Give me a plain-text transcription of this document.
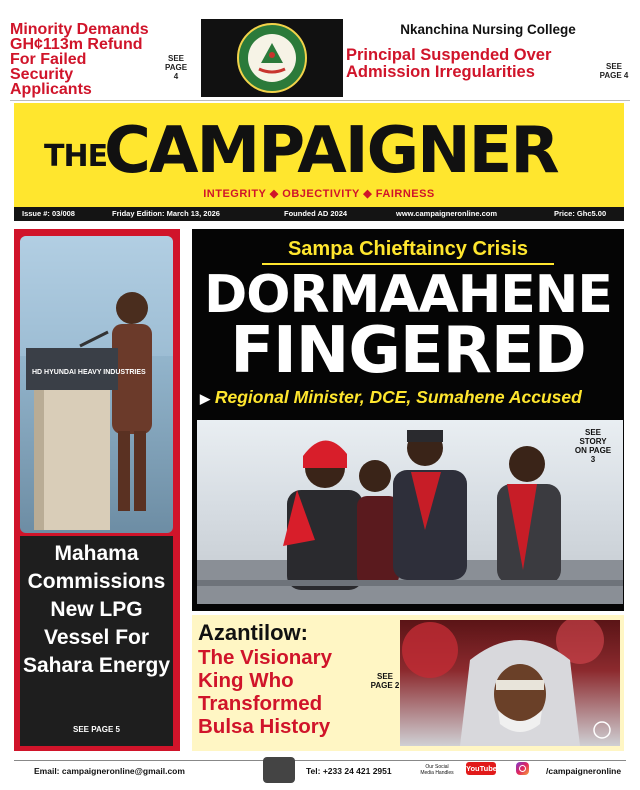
Minority Demands GH¢113m Refund For Failed Security Applicants
SEE PAGE 4
Nkanchina Nursing College
Principal Suspended Over Admission Irregularities	SEE PAGE 4
THE
CAMPAIGNER
INTEGRITY ◆ OBJECTIVITY ◆ FAIRNESS
Issue #: 03/008	Friday Edition: March 13, 2026	Founded AD 2024	www.campaigneronline.com	Price: Ghc5.00
HD HYUNDAI HEAVY INDUSTRIES
Mahama Commissions New LPG Vessel For Sahara Energy
SEE PAGE 5
Sampa Chieftaincy Crisis
DORMAAHENE
FINGERED
▶ Regional Minister, DCE, Sumahene Accused
SEE STORY ON PAGE 3
Azantilow:
The Visionary King Who Transformed Bulsa History
SEE PAGE 2
Email: campaigneronline@gmail.com	Tel: +233 24 421 2951	Our Social Media Handles	YouTube	/campaigneronline
